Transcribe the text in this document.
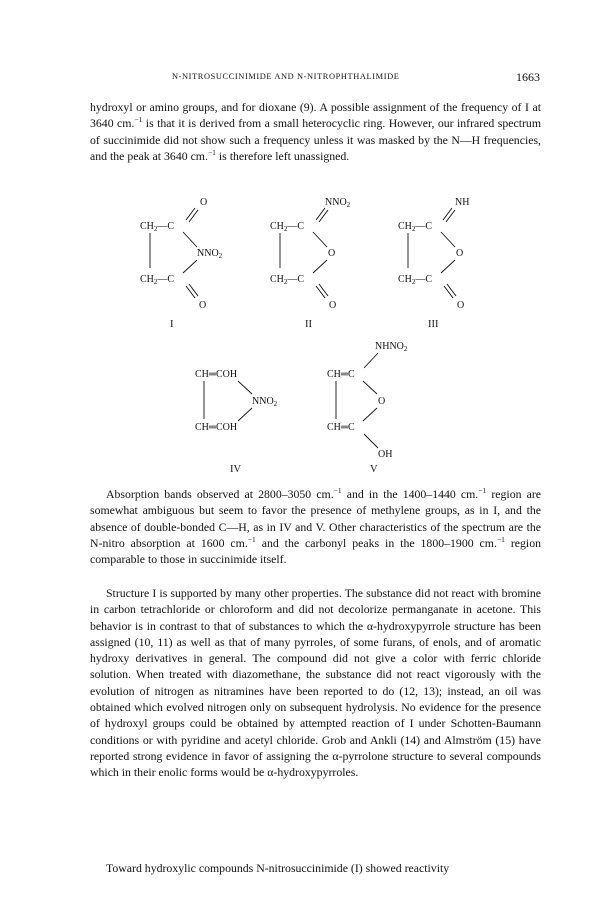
N-NITROSUCCINIMIDE AND N-NITROPHTHALIMIDE	1663

hydroxyl or amino groups, and for dioxane (9). A possible assignment of the frequency of I at 3640 cm.$^{-1}$ is that it is derived from a small heterocyclic ring. However, our infrared spectrum of succinimide did not show such a frequency unless it was masked by the N—H frequencies, and the peak at 3640 cm.$^{-1}$ is therefore left unassigned.

O
$CH_2—C$
$NNO_2$
$CH_2—C$
O
I
$NNO_2$
$CH_2—C$
O
$CH_2—C$
O
II
NH
$CH_2—C$
O
$CH_2—C$
O
III
CH═COH
$NNO_2$
CH═COH
IV
$NHNO_2$
CH═C
O
CH═C
OH
V

Absorption bands observed at 2800–3050 cm.$^{-1}$ and in the 1400–1440 cm.$^{-1}$ region are somewhat ambiguous but seem to favor the presence of methylene groups, as in I, and the absence of double-bonded C—H, as in IV and V. Other characteristics of the spectrum are the N-nitro absorption at 1600 cm.$^{-1}$ and the carbonyl peaks in the 1800–1900 cm.$^{-1}$ region comparable to those in succinimide itself.

Structure I is supported by many other properties. The substance did not react with bromine in carbon tetrachloride or chloroform and did not decolorize permanganate in acetone. This behavior is in contrast to that of substances to which the α-hydroxypyrrole structure has been assigned (10, 11) as well as that of many pyrroles, of some furans, of enols, and of aromatic hydroxy derivatives in general. The compound did not give a color with ferric chloride solution. When treated with diazomethane, the substance did not react vigorously with the evolution of nitrogen as nitramines have been reported to do (12, 13); instead, an oil was obtained which evolved nitrogen only on subsequent hydrolysis. No evidence for the presence of hydroxyl groups could be obtained by attempted reaction of I under Schotten-Baumann conditions or with pyridine and acetyl chloride. Grob and Ankli (14) and Almström (15) have reported strong evidence in favor of assigning the α-pyrrolone structure to several compounds which in their enolic forms would be α-hydroxypyrroles.

Toward hydroxylic compounds N-nitrosuccinimide (I) showed reactivity
